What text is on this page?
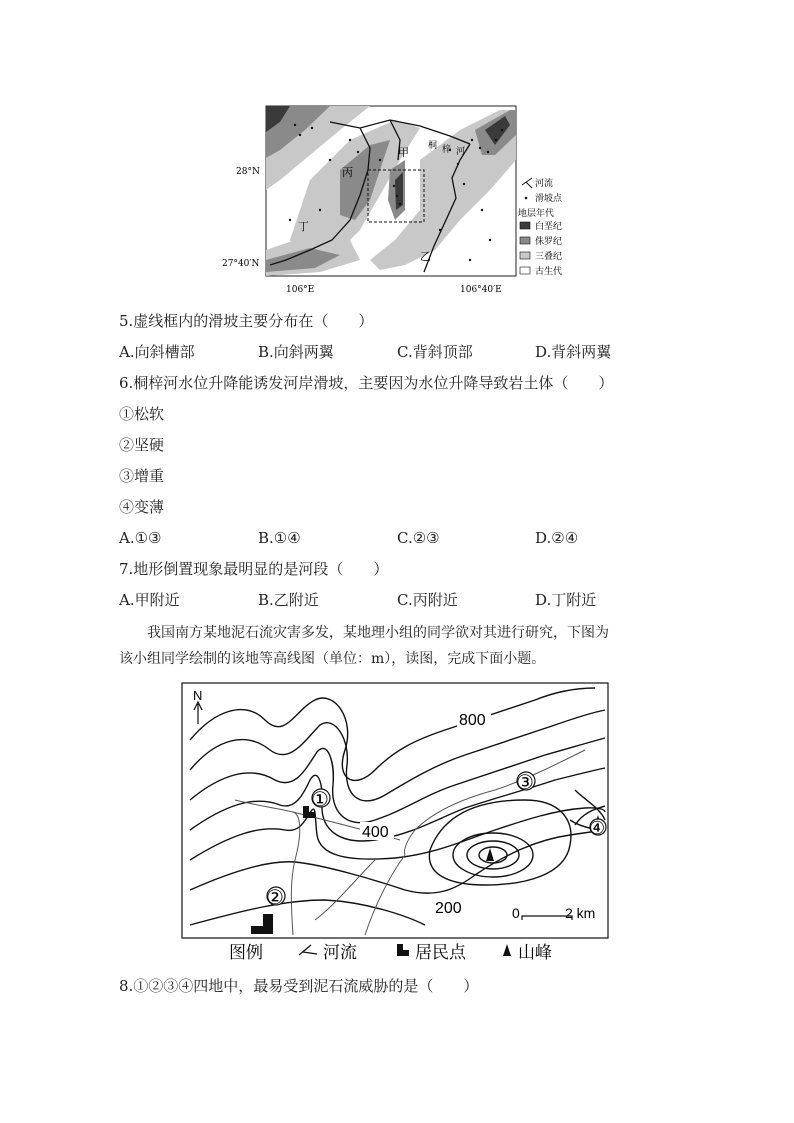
甲
乙
丙
丁
桐 梓 河
28°N
27°40′N
106°E	106°40′E
河流
滑坡点
地层年代
白垩纪
侏罗纪
三叠纪
古生代
5.虚线框内的滑坡主要分布在（　　）
A.向斜槽部	B.向斜两翼	C.背斜顶部	D.背斜两翼
6.桐梓河水位升降能诱发河岸滑坡，主要因为水位升降导致岩土体（　　）
①松软
②坚硬
③增重
④变薄
A.①③	B.①④	C.②③	D.②④
7.地形倒置现象最明显的是河段（　　）
A.甲附近	B.乙附近	C.丙附近	D.丁附近

我国南方某地泥石流灾害多发，某地理小组的同学欲对其进行研究，下图为

该小组同学绘制的该地等高线图（单位：m），读图，完成下面小题。

N
800
400
200
①
②
③
④
0	2 km
图例	河流	居民点	山峰
8.①②③④四地中，最易受到泥石流威胁的是（　　）
